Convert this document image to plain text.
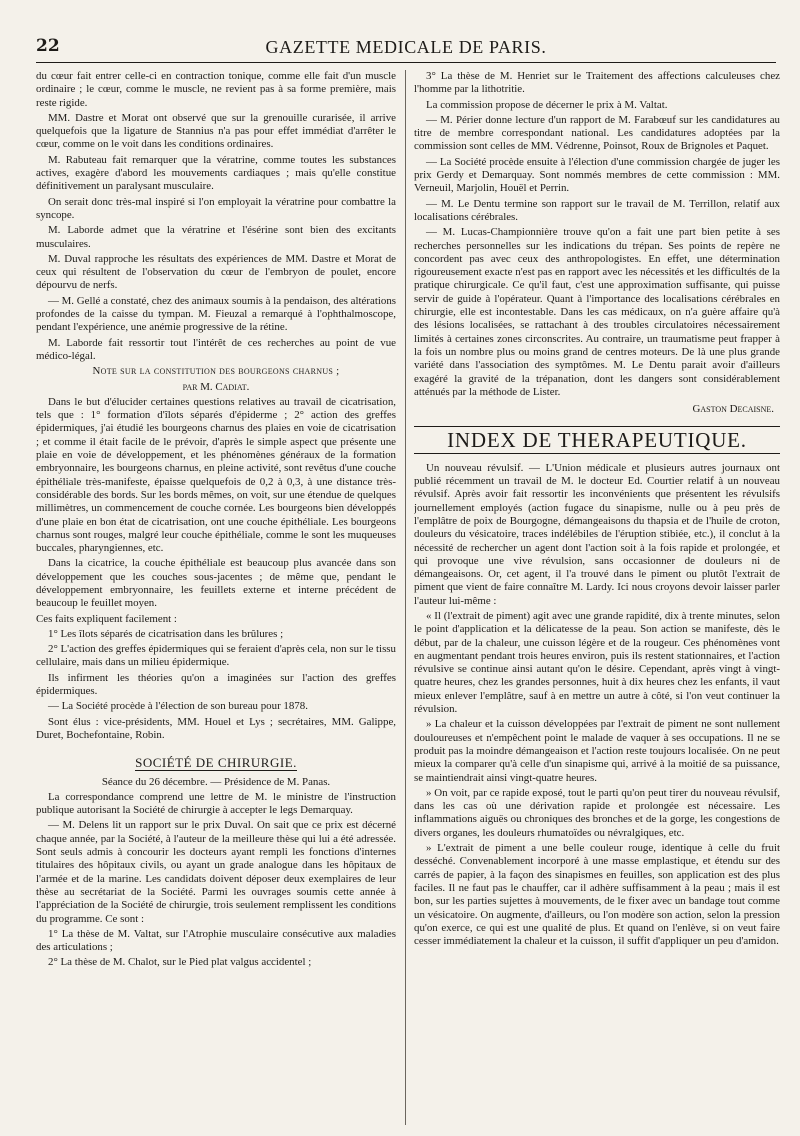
22	GAZETTE MEDICALE DE PARIS.

du cœur fait entrer celle-ci en contraction tonique, comme elle fait d'un muscle ordinaire ; le cœur, comme le muscle, ne revient pas à sa forme première, mais reste rigide.

MM. Dastre et Morat ont observé que sur la grenouille curarisée, il arrive quelquefois que la ligature de Stannius n'a pas pour effet immédiat d'arrêter le cœur, comme on le voit dans les conditions ordinaires.

M. Rabuteau fait remarquer que la vératrine, comme toutes les substances actives, exagère d'abord les mouvements cardiaques ; mais qu'elle constitue définitivement un paralysant musculaire.

On serait donc très-mal inspiré si l'on employait la vératrine pour combattre la syncope.

M. Laborde admet que la vératrine et l'ésérine sont bien des excitants musculaires.

M. Duval rapproche les résultats des expériences de MM. Dastre et Morat de ceux qui résultent de l'observation du cœur de l'embryon de poulet, encore dépourvu de nerfs.

— M. Gellé a constaté, chez des animaux soumis à la pendaison, des altérations profondes de la caisse du tympan. M. Fieuzal a remarqué à l'ophthalmoscope, pendant l'expérience, une anémie progressive de la rétine.

M. Laborde fait ressortir tout l'intérêt de ces recherches au point de vue médico-légal.

Note sur la constitution des bourgeons charnus ;

par M. Cadiat.

Dans le but d'élucider certaines questions relatives au travail de cicatrisation, tels que : 1° formation d'îlots séparés d'épiderme ; 2° action des greffes épidermiques, j'ai étudié les bourgeons charnus des plaies en voie de cicatrisation ; et comme il était facile de le prévoir, d'après le simple aspect que présente une plaie en voie de développement, et les phénomènes généraux de la formation embryonnaire, les bourgeons charnus, en pleine activité, sont revêtus d'une couche épithéliale très-manifeste, épaisse quelquefois de 0,2 à 0,3, à une distance très-considérable des bords. Sur les bords mêmes, on voit, sur une étendue de quelques millimètres, un commencement de couche cornée. Les bourgeons bien développés d'une plaie en bon état de cicatrisation, ont une couche épithéliale. Les bourgeons charnus sont rouges, malgré leur couche épithéliale, comme le sont les muqueuses buccales, pharyngiennes, etc.

Dans la cicatrice, la couche épithéliale est beaucoup plus avancée dans son développement que les couches sous-jacentes ; de même que, pendant le développement embryonnaire, les feuillets externe et interne précédent de beaucoup le feuillet moyen.

Ces faits expliquent facilement :

1° Les îlots séparés de cicatrisation dans les brûlures ;

2° L'action des greffes épidermiques qui se feraient d'après cela, non sur le tissu cellulaire, mais dans un milieu épidermique.

Ils infirment les théories qu'on a imaginées sur l'action des greffes épidermiques.

— La Société procède à l'élection de son bureau pour 1878.

Sont élus : vice-présidents, MM. Houel et Lys ; secrétaires, MM. Galippe, Duret, Bochefontaine, Robin.

SOCIÉTÉ DE CHIRURGIE.

Séance du 26 décembre. — Présidence de M. Panas.

La correspondance comprend une lettre de M. le ministre de l'instruction publique autorisant la Société de chirurgie à accepter le legs Demarquay.

— M. Delens lit un rapport sur le prix Duval. On sait que ce prix est décerné chaque année, par la Société, à l'auteur de la meilleure thèse qui lui a été adressée. Sont seuls admis à concourir les docteurs ayant rempli les fonctions d'internes titulaires des hôpitaux civils, ou ayant un grade analogue dans les hôpitaux de l'armée et de la marine. Les candidats doivent déposer deux exemplaires de leur thèse au secrétariat de la Société. Parmi les ouvrages soumis cette année à l'appréciation de la Société de chirurgie, trois seulement remplissent les conditions du programme. Ce sont :

1° La thèse de M. Valtat, sur l'Atrophie musculaire consécutive aux maladies des articulations ;

2° La thèse de M. Chalot, sur le Pied plat valgus accidentel ;

3° La thèse de M. Henriet sur le Traitement des affections calculeuses chez l'homme par la lithotritie.

La commission propose de décerner le prix à M. Valtat.

— M. Périer donne lecture d'un rapport de M. Farabœuf sur les candidatures au titre de membre correspondant national. Les candidatures adoptées par la commission sont celles de MM. Védrenne, Poinsot, Roux de Brignoles et Paquet.

— La Société procède ensuite à l'élection d'une commission chargée de juger les prix Gerdy et Demarquay. Sont nommés membres de cette commission : MM. Verneuil, Marjolin, Houël et Perrin.

— M. Le Dentu termine son rapport sur le travail de M. Terrillon, relatif aux localisations cérébrales.

— M. Lucas-Championnière trouve qu'on a fait une part bien petite à ses recherches personnelles sur les indications du trépan. Ses points de repère ne concordent pas avec ceux des anthropologistes. En effet, une détermination rigoureusement exacte n'est pas en rapport avec les nécessités et les difficultés de la pratique chirurgicale. Ce qu'il faut, c'est une approximation suffisante, qui puisse servir de guide à l'opérateur. Quant à l'importance des localisations cérébrales en chirurgie, elle est incontestable. Dans les cas médicaux, on n'a guère affaire qu'à des lésions localisées, se rattachant à des troubles circulatoires nécessairement limités à certaines zones circonscrites. Au contraire, un traumatisme peut frapper à la fois un nombre plus ou moins grand de centres moteurs. De là une plus grande variété dans l'association des symptômes. M. Le Dentu parait avoir d'ailleurs exagéré la gravité de la trépanation, dont les dangers sont considérablement atténués par la méthode de Lister.

Gaston Decaisne.
INDEX DE THERAPEUTIQUE.

Un nouveau révulsif. — L'Union médicale et plusieurs autres journaux ont publié récemment un travail de M. le docteur Ed. Courtier relatif à un nouveau révulsif. Après avoir fait ressortir les inconvénients que présentent les révulsifs journellement employés (action fugace du sinapisme, nulle ou à peu près de l'emplâtre de poix de Bourgogne, démangeaisons du thapsia et de l'huile de croton, douleurs du vésicatoire, traces indélébiles de l'éruption stibiée, etc.), il conclut à la nécessité de rechercher un agent dont l'action soit à la fois rapide et prolongée, et qui provoque une vive révulsion, sans occasionner de douleurs ni de démangeaisons. Or, cet agent, il l'a trouvé dans le piment ou plutôt l'extrait de piment que vient de faire connaître M. Lardy. Ici nous croyons devoir laisser parler l'auteur lui-même :

« Il (l'extrait de piment) agit avec une grande rapidité, dix à trente minutes, selon le point d'application et la délicatesse de la peau. Son action se manifeste, dès le début, par de la chaleur, une cuisson légère et de la rougeur. Ces phénomènes vont en augmentant pendant trois heures environ, puis ils restent stationnaires, et l'action révulsive se continue ainsi autant qu'on le désire. Cependant, après vingt à vingt-quatre heures, chez les grandes personnes, huit à dix heures chez les enfants, il vaut mieux enlever l'emplâtre, sauf à en mettre un autre à côté, si l'on veut continuer la révulsion.

» La chaleur et la cuisson développées par l'extrait de piment ne sont nullement douloureuses et n'empêchent point le malade de vaquer à ses occupations. Il ne se produit pas la moindre démangeaison et l'action reste toujours localisée. On ne peut mieux la comparer qu'à celle d'un sinapisme qui, arrivé à la moitié de sa puissance, se maintiendrait ainsi vingt-quatre heures.

» On voit, par ce rapide exposé, tout le parti qu'on peut tirer du nouveau révulsif, dans les cas où une dérivation rapide et prolongée est nécessaire. Les inflammations aiguës ou chroniques des bronches et de la gorge, les congestions de divers organes, les douleurs rhumatoïdes ou névralgiques, etc.

» L'extrait de piment a une belle couleur rouge, identique à celle du fruit desséché. Convenablement incorporé à une masse emplastique, et étendu sur des carrés de papier, à la façon des sinapismes en feuilles, son application est des plus faciles. Il ne faut pas le chauffer, car il adhère suffisamment à la peau ; mais il est bon, sur les parties sujettes à mouvements, de le fixer avec un bandage tout comme un vésicatoire. On augmente, d'ailleurs, ou l'on modère son action, selon la pression qu'on exerce, ce qui est une qualité de plus. Et quand on l'enlève, si on veut faire cesser immédiatement la chaleur et la cuisson, il suffit d'appliquer un peu d'amidon.
